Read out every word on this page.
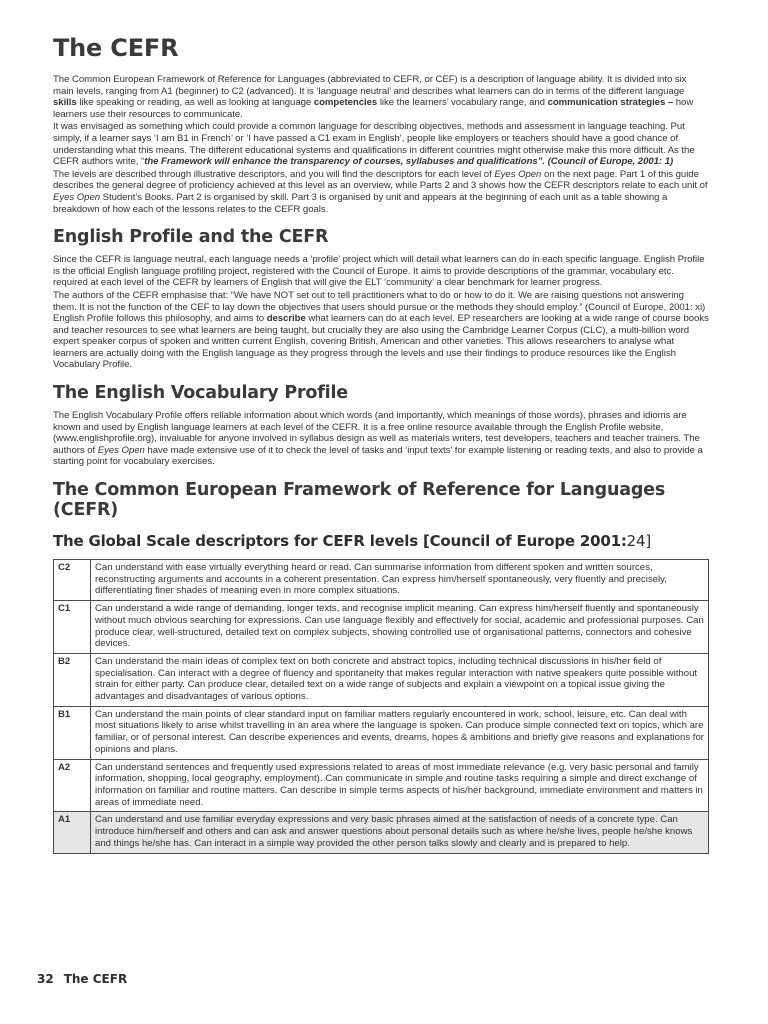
The CEFR

The Common European Framework of Reference for Languages (abbreviated to CEFR, or CEF) is a description of language ability. It is divided into six main levels, ranging from A1 (beginner) to C2 (advanced). It is ‘language neutral’ and describes what learners can do in terms of the different language skills like speaking or reading, as well as looking at language competencies like the learners’ vocabulary range, and communication strategies – how learners use their resources to communicate.

It was envisaged as something which could provide a common language for describing objectives, methods and assessment in language teaching. Put simply, if a learner says ‘I am B1 in French’ or ‘I have passed a C1 exam in English’, people like employers or teachers should have a good chance of understanding what this means. The different educational systems and qualifications in different countries might otherwise make this more difficult. As the CEFR authors write, “the Framework will enhance the transparency of courses, syllabuses and qualifications”. (Council of Europe, 2001: 1)

The levels are described through illustrative descriptors, and you will find the descriptors for each level of Eyes Open on the next page. Part 1 of this guide describes the general degree of proficiency achieved at this level as an overview, while Parts 2 and 3 shows how the CEFR descriptors relate to each unit of Eyes Open Student’s Books. Part 2 is organised by skill. Part 3 is organised by unit and appears at the beginning of each unit as a table showing a breakdown of how each of the lessons relates to the CEFR goals.

English Profile and the CEFR

Since the CEFR is language neutral, each language needs a ‘profile’ project which will detail what learners can do in each specific language. English Profile is the official English language profiling project, registered with the Council of Europe. It aims to provide descriptions of the grammar, vocabulary etc. required at each level of the CEFR by learners of English that will give the ELT ‘community’ a clear benchmark for learner progress.

The authors of the CEFR emphasise that: “We have NOT set out to tell practitioners what to do or how to do it. We are raising questions not answering them. It is not the function of the CEF to lay down the objectives that users should pursue or the methods they should employ.” (Council of Europe, 2001: xi) English Profile follows this philosophy, and aims to describe what learners can do at each level. EP researchers are looking at a wide range of course books and teacher resources to see what learners are being taught, but crucially they are also using the Cambridge Learner Corpus (CLC), a multi-billion word expert speaker corpus of spoken and written current English, covering British, American and other varieties. This allows researchers to analyse what learners are actually doing with the English language as they progress through the levels and use their findings to produce resources like the English Vocabulary Profile.

The English Vocabulary Profile

The English Vocabulary Profile offers reliable information about which words (and importantly, which meanings of those words), phrases and idioms are known and used by English language learners at each level of the CEFR. It is a free online resource available through the English Profile website, (www.englishprofile.org), invaluable for anyone involved in syllabus design as well as materials writers, test developers, teachers and teacher trainers. The authors of Eyes Open have made extensive use of it to check the level of tasks and ‘input texts’ for example listening or reading texts, and also to provide a starting point for vocabulary exercises.

The Common European Framework of Reference for Languages (CEFR)
The Global Scale descriptors for CEFR levels [Council of Europe 2001:24]
C2	Can understand with ease virtually everything heard or read. Can summarise information from different spoken and written sources, reconstructing arguments and accounts in a coherent presentation. Can express him/herself spontaneously, very fluently and precisely, differentiating finer shades of meaning even in more complex situations.
C1	Can understand a wide range of demanding, longer texts, and recognise implicit meaning. Can express him/herself fluently and spontaneously without much obvious searching for expressions. Can use language flexibly and effectively for social, academic and professional purposes. Can produce clear, well-structured, detailed text on complex subjects, showing controlled use of organisational patterns, connectors and cohesive devices.
B2	Can understand the main ideas of complex text on both concrete and abstract topics, including technical discussions in his/her field of specialisation. Can interact with a degree of fluency and spontaneity that makes regular interaction with native speakers quite possible without strain for either party. Can produce clear, detailed text on a wide range of subjects and explain a viewpoint on a topical issue giving the advantages and disadvantages of various options.
B1	Can understand the main points of clear standard input on familiar matters regularly encountered in work, school, leisure, etc. Can deal with most situations likely to arise whilst travelling in an area where the language is spoken. Can produce simple connected text on topics, which are familiar, or of personal interest. Can describe experiences and events, dreams, hopes & ambitions and briefly give reasons and explanations for opinions and plans.
A2	Can understand sentences and frequently used expressions related to areas of most immediate relevance (e.g. very basic personal and family information, shopping, local geography, employment). Can communicate in simple and routine tasks requiring a simple and direct exchange of information on familiar and routine matters. Can describe in simple terms aspects of his/her background, immediate environment and matters in areas of immediate need.
A1	Can understand and use familiar everyday expressions and very basic phrases aimed at the satisfaction of needs of a concrete type. Can introduce him/herself and others and can ask and answer questions about personal details such as where he/she lives, people he/she knows and things he/she has. Can interact in a simple way provided the other person talks slowly and clearly and is prepared to help.
32 The CEFR
